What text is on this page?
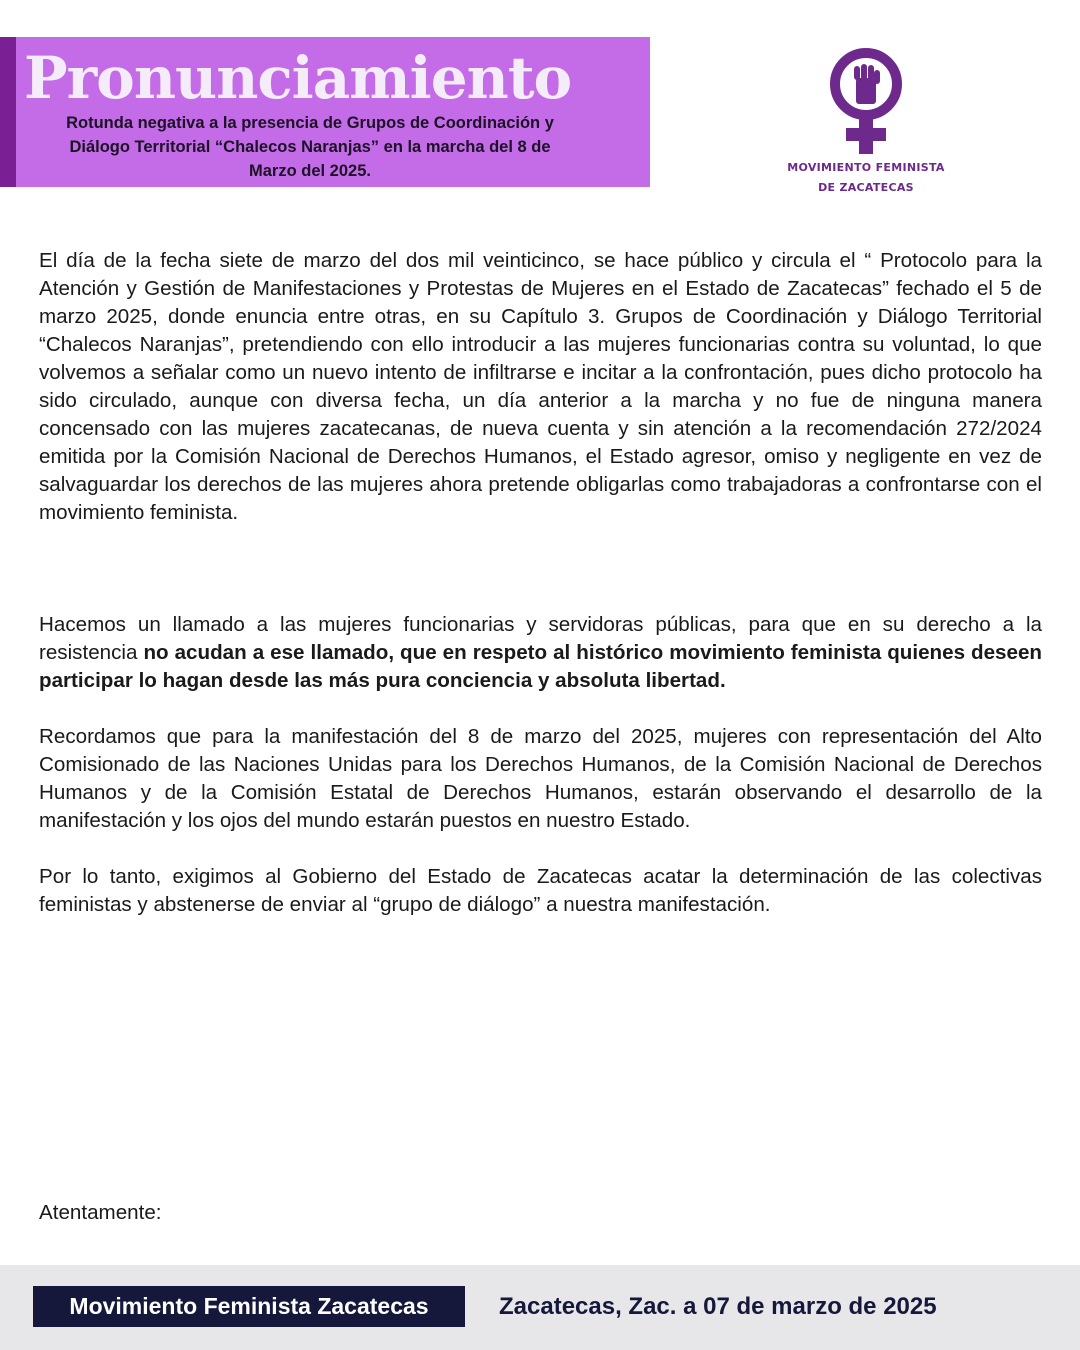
Pronunciamiento
Rotunda negativa a la presencia de Grupos de Coordinación y
Diálogo Territorial “Chalecos Naranjas” en la marcha del 8 de
Marzo del 2025.	MOVIMIENTO FEMINISTA
DE ZACATECAS

El día de la fecha siete de marzo del dos mil veinticinco, se hace público y circula el “ Protocolo para la Atención y Gestión de Manifestaciones y Protestas de Mujeres en el Estado de Zacatecas” fechado el 5 de marzo 2025, donde enuncia entre otras, en su Capítulo 3. Grupos de Coordinación y Diálogo Territorial “Chalecos Naranjas”, pretendiendo con ello introducir a las mujeres funcionarias contra su voluntad, lo que volvemos a señalar como un nuevo intento de infiltrarse e incitar a la confrontación, pues dicho protocolo ha sido circulado, aunque con diversa fecha, un día anterior a la marcha y no fue de ninguna manera concensado con las mujeres zacatecanas, de nueva cuenta y sin atención a la recomendación 272/2024 emitida por la Comisión Nacional de Derechos Humanos, el Estado agresor, omiso y negligente en vez de salvaguardar los derechos de las mujeres ahora pretende obligarlas como trabajadoras a confrontarse con el movimiento feminista.

Hacemos un llamado a las mujeres funcionarias y servidoras públicas, para que en su derecho a la resistencia no acudan a ese llamado, que en respeto al histórico movimiento feminista quienes deseen participar lo hagan desde las más pura conciencia y absoluta libertad.

Recordamos que para la manifestación del 8 de marzo del 2025, mujeres con representación del Alto Comisionado de las Naciones Unidas para los Derechos Humanos, de la Comisión Nacional de Derechos Humanos y de la Comisión Estatal de Derechos Humanos, estarán observando el desarrollo de la manifestación y los ojos del mundo estarán puestos en nuestro Estado.

Por lo tanto, exigimos al Gobierno del Estado de Zacatecas acatar la determinación de las colectivas feministas y abstenerse de enviar al “grupo de diálogo” a nuestra manifestación.

Atentamente:

Movimiento Feminista Zacatecas	Zacatecas, Zac. a 07 de marzo de 2025
